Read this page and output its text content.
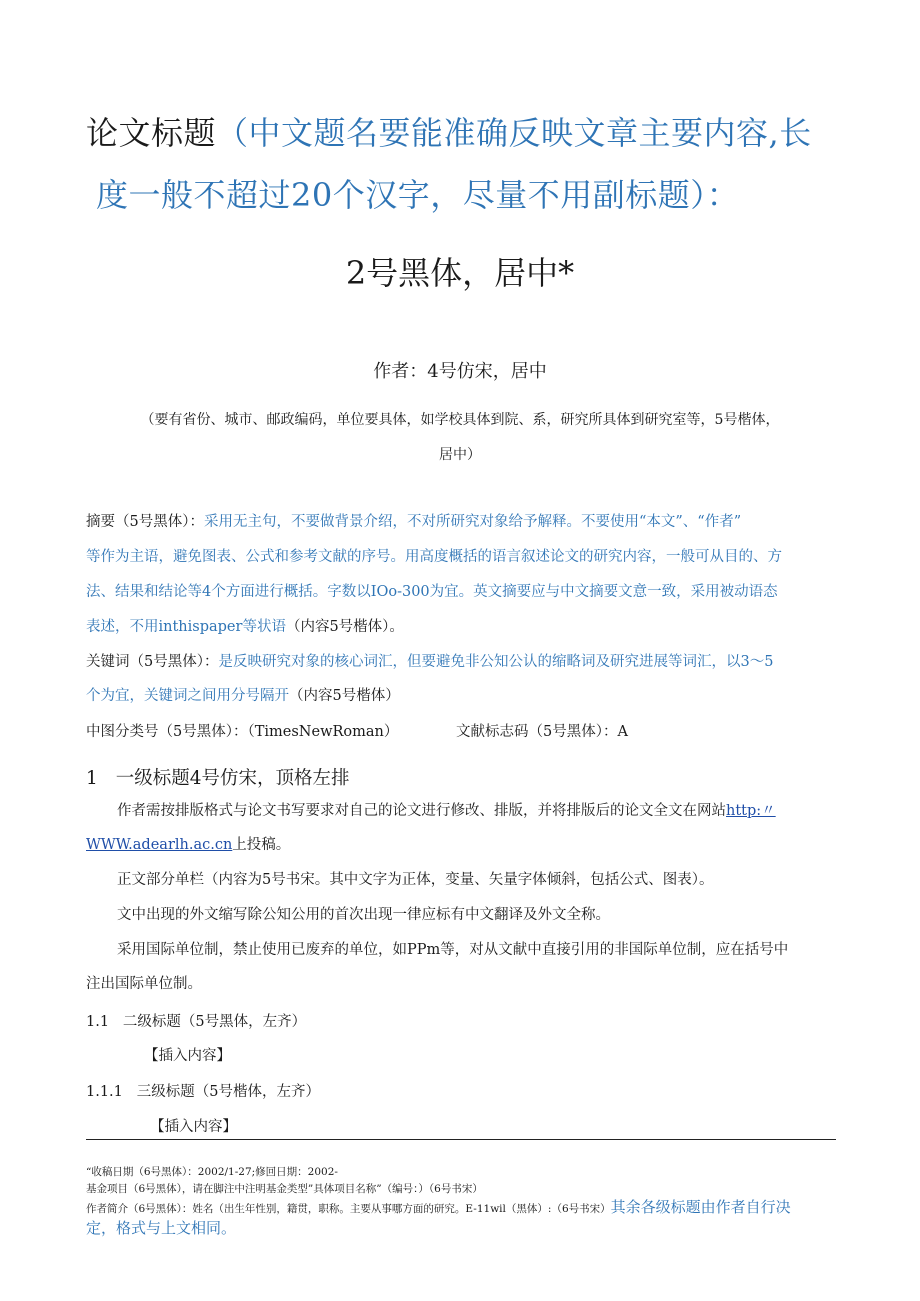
论文标题（中文题名要能准确反映文章主要内容,长
度一般不超过20个汉字，尽量不用副标题）：
2号黑体，居中*
作者：4号仿宋，居中
（要有省份、城市、邮政编码，单位要具体，如学校具体到院、系，研究所具体到研究室等，5号楷体，
居中）
摘要（5号黑体）：采用无主句，不要做背景介绍，不对所研究对象给予解释。不要使用“本文”、“作者”
等作为主语，避免图表、公式和参考文献的序号。用高度概括的语言叙述论文的研究内容，一般可从目的、方
法、结果和结论等4个方面进行概括。字数以IOo-300为宜。英文摘要应与中文摘要文意一致，采用被动语态
表述，不用inthispaper等状语（内容5号楷体）。
关键词（5号黑体）：是反映研究对象的核心词汇，但要避免非公知公认的缩略词及研究进展等词汇，以3～5
个为宜，关键词之间用分号隔开（内容5号楷体）
中图分类号（5号黑体）：（TimesNewRoman）	文献标志码（5号黑体）：A
1 一级标题4号仿宋，顶格左排
作者需按排版格式与论文书写要求对自己的论文进行修改、排版，并将排版后的论文全文在网站http:〃
WWW.adearlh.ac.cn上投稿。
正文部分单栏（内容为5号书宋。其中文字为正体，变量、矢量字体倾斜，包括公式、图表）。
文中出现的外文缩写除公知公用的首次出现一律应标有中文翻译及外文全称。
采用国际单位制，禁止使用已废弃的单位，如PPm等，对从文献中直接引用的非国际单位制，应在括号中
注出国际单位制。
1.1   二级标题（5号黑体，左齐）
【插入内容】
1.1.1   三级标题（5号楷体，左齐）
【插入内容】
“收稿日期（6号黑体）：2002/1-27;修回日期：2002-
基金项目（6号黑体），请在脚注中注明基金类型”具体项目名称”（编号：）（6号书宋）
作者简介（6号黑体）：姓名（出生年性别，籍贯，职称。主要从事哪方面的研究。E-11wil（黑体）:（6号书宋）其余各级标题由作者自行决
定，格式与上文相同。
